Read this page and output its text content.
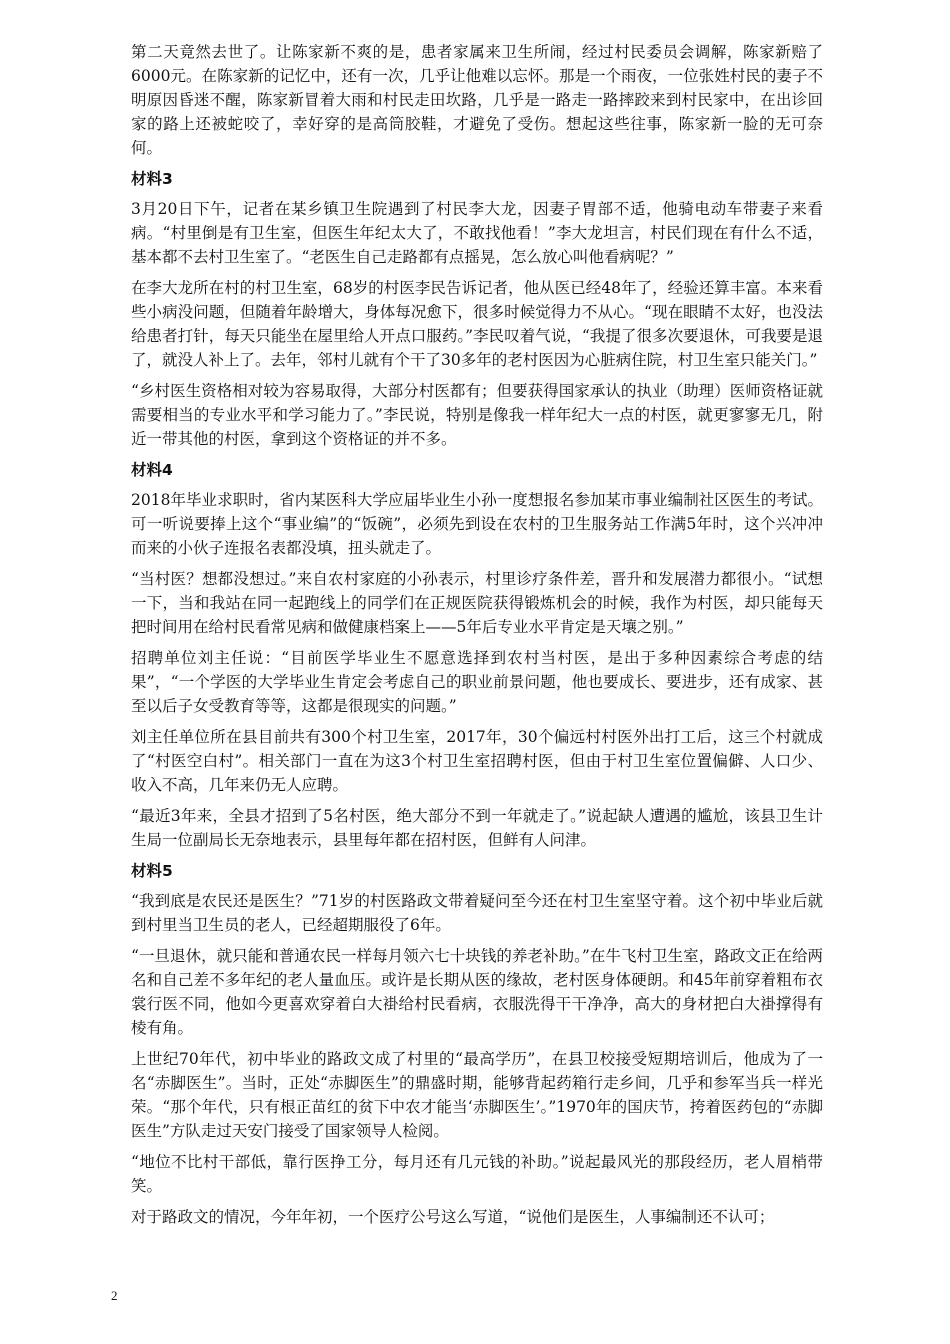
第二天竟然去世了。让陈家新不爽的是，患者家属来卫生所闹，经过村民委员会调解，陈家新赔了6000元。在陈家新的记忆中，还有一次，几乎让他难以忘怀。那是一个雨夜，一位张姓村民的妻子不明原因昏迷不醒，陈家新冒着大雨和村民走田坎路，几乎是一路走一路摔跤来到村民家中，在出诊回家的路上还被蛇咬了，幸好穿的是高筒胶鞋，才避免了受伤。想起这些往事，陈家新一脸的无可奈何。

材料3

3月20日下午，记者在某乡镇卫生院遇到了村民李大龙，因妻子胃部不适，他骑电动车带妻子来看病。“村里倒是有卫生室，但医生年纪太大了，不敢找他看！”李大龙坦言，村民们现在有什么不适，基本都不去村卫生室了。“老医生自己走路都有点摇晃，怎么放心叫他看病呢？”

在李大龙所在村的村卫生室，68岁的村医李民告诉记者，他从医已经48年了，经验还算丰富。本来看些小病没问题，但随着年龄增大，身体每况愈下，很多时候觉得力不从心。“现在眼睛不太好，也没法给患者打针，每天只能坐在屋里给人开点口服药。”李民叹着气说，“我提了很多次要退休，可我要是退了，就没人补上了。去年，邻村儿就有个干了30多年的老村医因为心脏病住院，村卫生室只能关门。”

“乡村医生资格相对较为容易取得，大部分村医都有；但要获得国家承认的执业（助理）医师资格证就需要相当的专业水平和学习能力了。”李民说，特别是像我一样年纪大一点的村医，就更寥寥无几，附近一带其他的村医，拿到这个资格证的并不多。

材料4

2018年毕业求职时，省内某医科大学应届毕业生小孙一度想报名参加某市事业编制社区医生的考试。可一听说要捧上这个“事业编”的“饭碗”，必须先到设在农村的卫生服务站工作满5年时，这个兴冲冲而来的小伙子连报名表都没填，扭头就走了。

“当村医？想都没想过。”来自农村家庭的小孙表示，村里诊疗条件差，晋升和发展潜力都很小。“试想一下，当和我站在同一起跑线上的同学们在正规医院获得锻炼机会的时候，我作为村医，却只能每天把时间用在给村民看常见病和做健康档案上——5年后专业水平肯定是天壤之别。”

招聘单位刘主任说：“目前医学毕业生不愿意选择到农村当村医，是出于多种因素综合考虑的结果”，“一个学医的大学毕业生肯定会考虑自己的职业前景问题，他也要成长、要进步，还有成家、甚至以后子女受教育等等，这都是很现实的问题。”

刘主任单位所在县目前共有300个村卫生室，2017年，30个偏远村村医外出打工后，这三个村就成了“村医空白村”。相关部门一直在为这3个村卫生室招聘村医，但由于村卫生室位置偏僻、人口少、收入不高，几年来仍无人应聘。

“最近3年来，全县才招到了5名村医，绝大部分不到一年就走了。”说起缺人遭遇的尴尬，该县卫生计生局一位副局长无奈地表示，县里每年都在招村医，但鲜有人问津。

材料5

“我到底是农民还是医生？”71岁的村医路政文带着疑问至今还在村卫生室坚守着。这个初中毕业后就到村里当卫生员的老人，已经超期服役了6年。

“一旦退休，就只能和普通农民一样每月领六七十块钱的养老补助。”在牛飞村卫生室，路政文正在给两名和自己差不多年纪的老人量血压。或许是长期从医的缘故，老村医身体硬朗。和45年前穿着粗布衣裳行医不同，他如今更喜欢穿着白大褂给村民看病，衣服洗得干干净净，高大的身材把白大褂撑得有棱有角。

上世纪70年代，初中毕业的路政文成了村里的“最高学历”，在县卫校接受短期培训后，他成为了一名“赤脚医生”。当时，正处“赤脚医生”的鼎盛时期，能够背起药箱行走乡间，几乎和参军当兵一样光荣。“那个年代，只有根正苗红的贫下中农才能当‘赤脚医生’。”1970年的国庆节，挎着医药包的“赤脚医生”方队走过天安门接受了国家领导人检阅。

“地位不比村干部低，靠行医挣工分，每月还有几元钱的补助。”说起最风光的那段经历，老人眉梢带笑。

对于路政文的情况，今年年初，一个医疗公号这么写道，“说他们是医生，人事编制还不认可；

2
